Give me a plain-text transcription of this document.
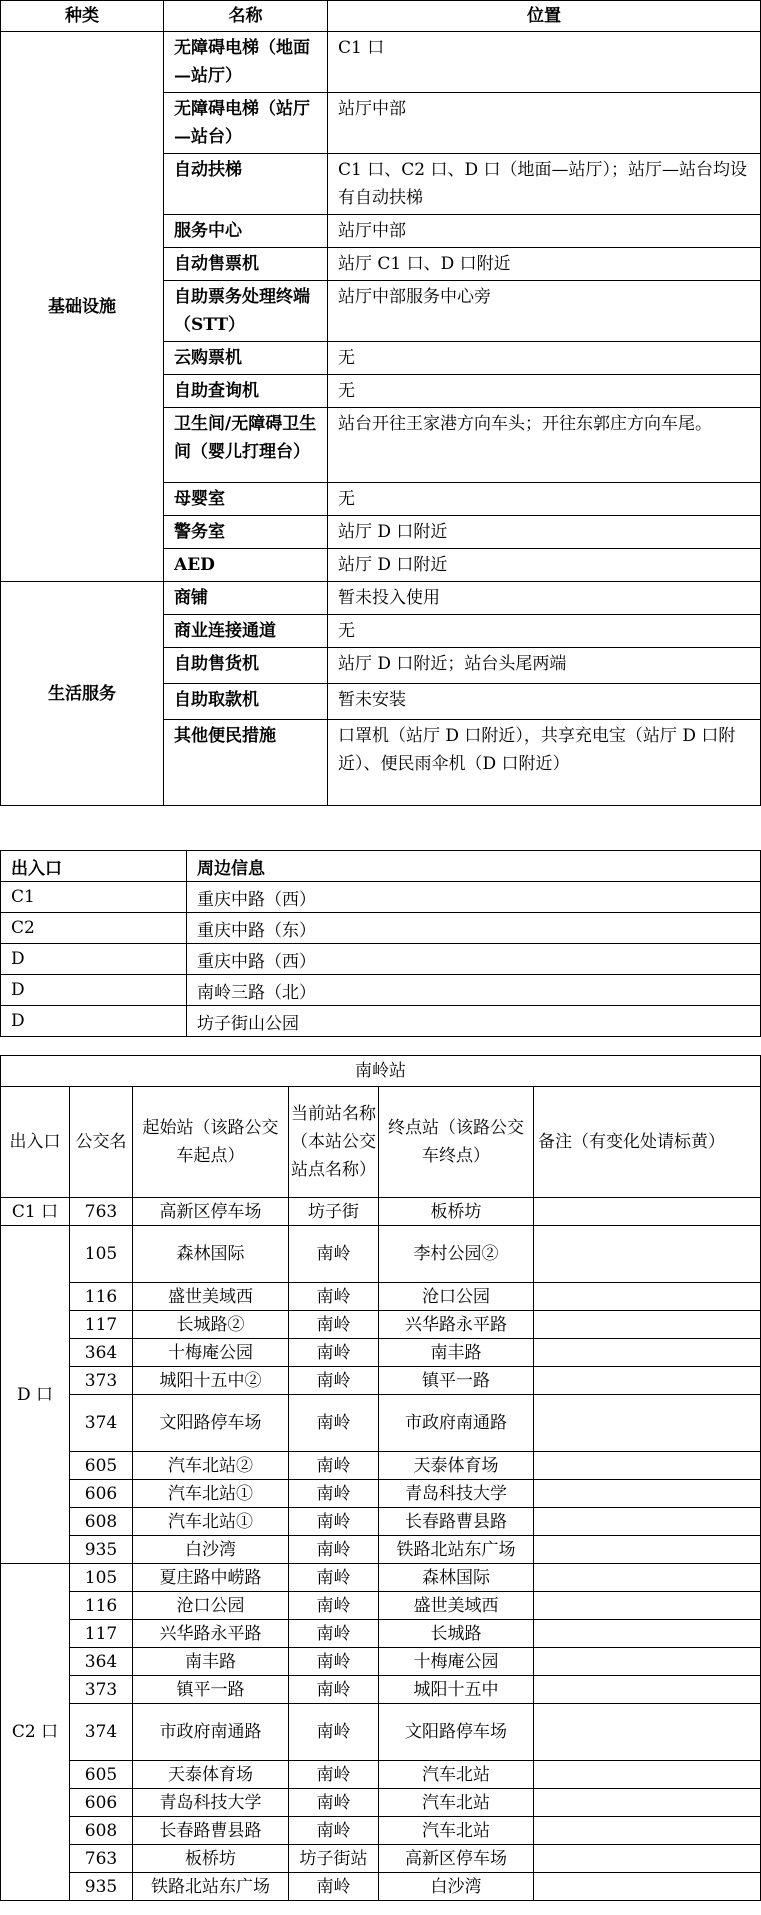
种类	名称	位置
基础设施	无障碍电梯（地面—站厅）	C1 口
	无障碍电梯（站厅—站台）	站厅中部
	自动扶梯	C1 口、C2 口、D 口（地面—站厅）；站厅—站台均设有自动扶梯
	服务中心	站厅中部
	自动售票机	站厅 C1 口、D 口附近
	自助票务处理终端（STT）	站厅中部服务中心旁
	云购票机	无
	自助查询机	无
	卫生间/无障碍卫生间（婴儿打理台）	站台开往王家港方向车头；开往东郭庄方向车尾。
	母婴室	无
	警务室	站厅 D 口附近
	AED	站厅 D 口附近
生活服务	商铺	暂未投入使用
	商业连接通道	无
	自助售货机	站厅 D 口附近；站台头尾两端
	自助取款机	暂未安装
	其他便民措施	口罩机（站厅 D 口附近），共享充电宝（站厅 D 口附近）、便民雨伞机（D 口附近）
出入口	周边信息
C1	重庆中路（西）
C2	重庆中路（东）
D	重庆中路（西）
D	南岭三路（北）
D	坊子街山公园
南岭站					
出入口	公交名	起始站（该路公交车起点）	当前站名称（本站公交站点名称）	终点站（该路公交车终点）	备注（有变化处请标黄）
C1 口	763	高新区停车场	坊子街	板桥坊	
D 口	105	森林国际	南岭	李村公园②	
	116	盛世美域西	南岭	沧口公园	
	117	长城路②	南岭	兴华路永平路	
	364	十梅庵公园	南岭	南丰路	
	373	城阳十五中②	南岭	镇平一路	
	374	文阳路停车场	南岭	市政府南通路	
	605	汽车北站②	南岭	天泰体育场	
	606	汽车北站①	南岭	青岛科技大学	
	608	汽车北站①	南岭	长春路曹县路	
	935	白沙湾	南岭	铁路北站东广场	
C2 口	105	夏庄路中崂路	南岭	森林国际	
	116	沧口公园	南岭	盛世美域西	
	117	兴华路永平路	南岭	长城路	
	364	南丰路	南岭	十梅庵公园	
	373	镇平一路	南岭	城阳十五中	
	374	市政府南通路	南岭	文阳路停车场	
	605	天泰体育场	南岭	汽车北站	
	606	青岛科技大学	南岭	汽车北站	
	608	长春路曹县路	南岭	汽车北站	
	763	板桥坊	坊子街站	高新区停车场	
	935	铁路北站东广场	南岭	白沙湾	
